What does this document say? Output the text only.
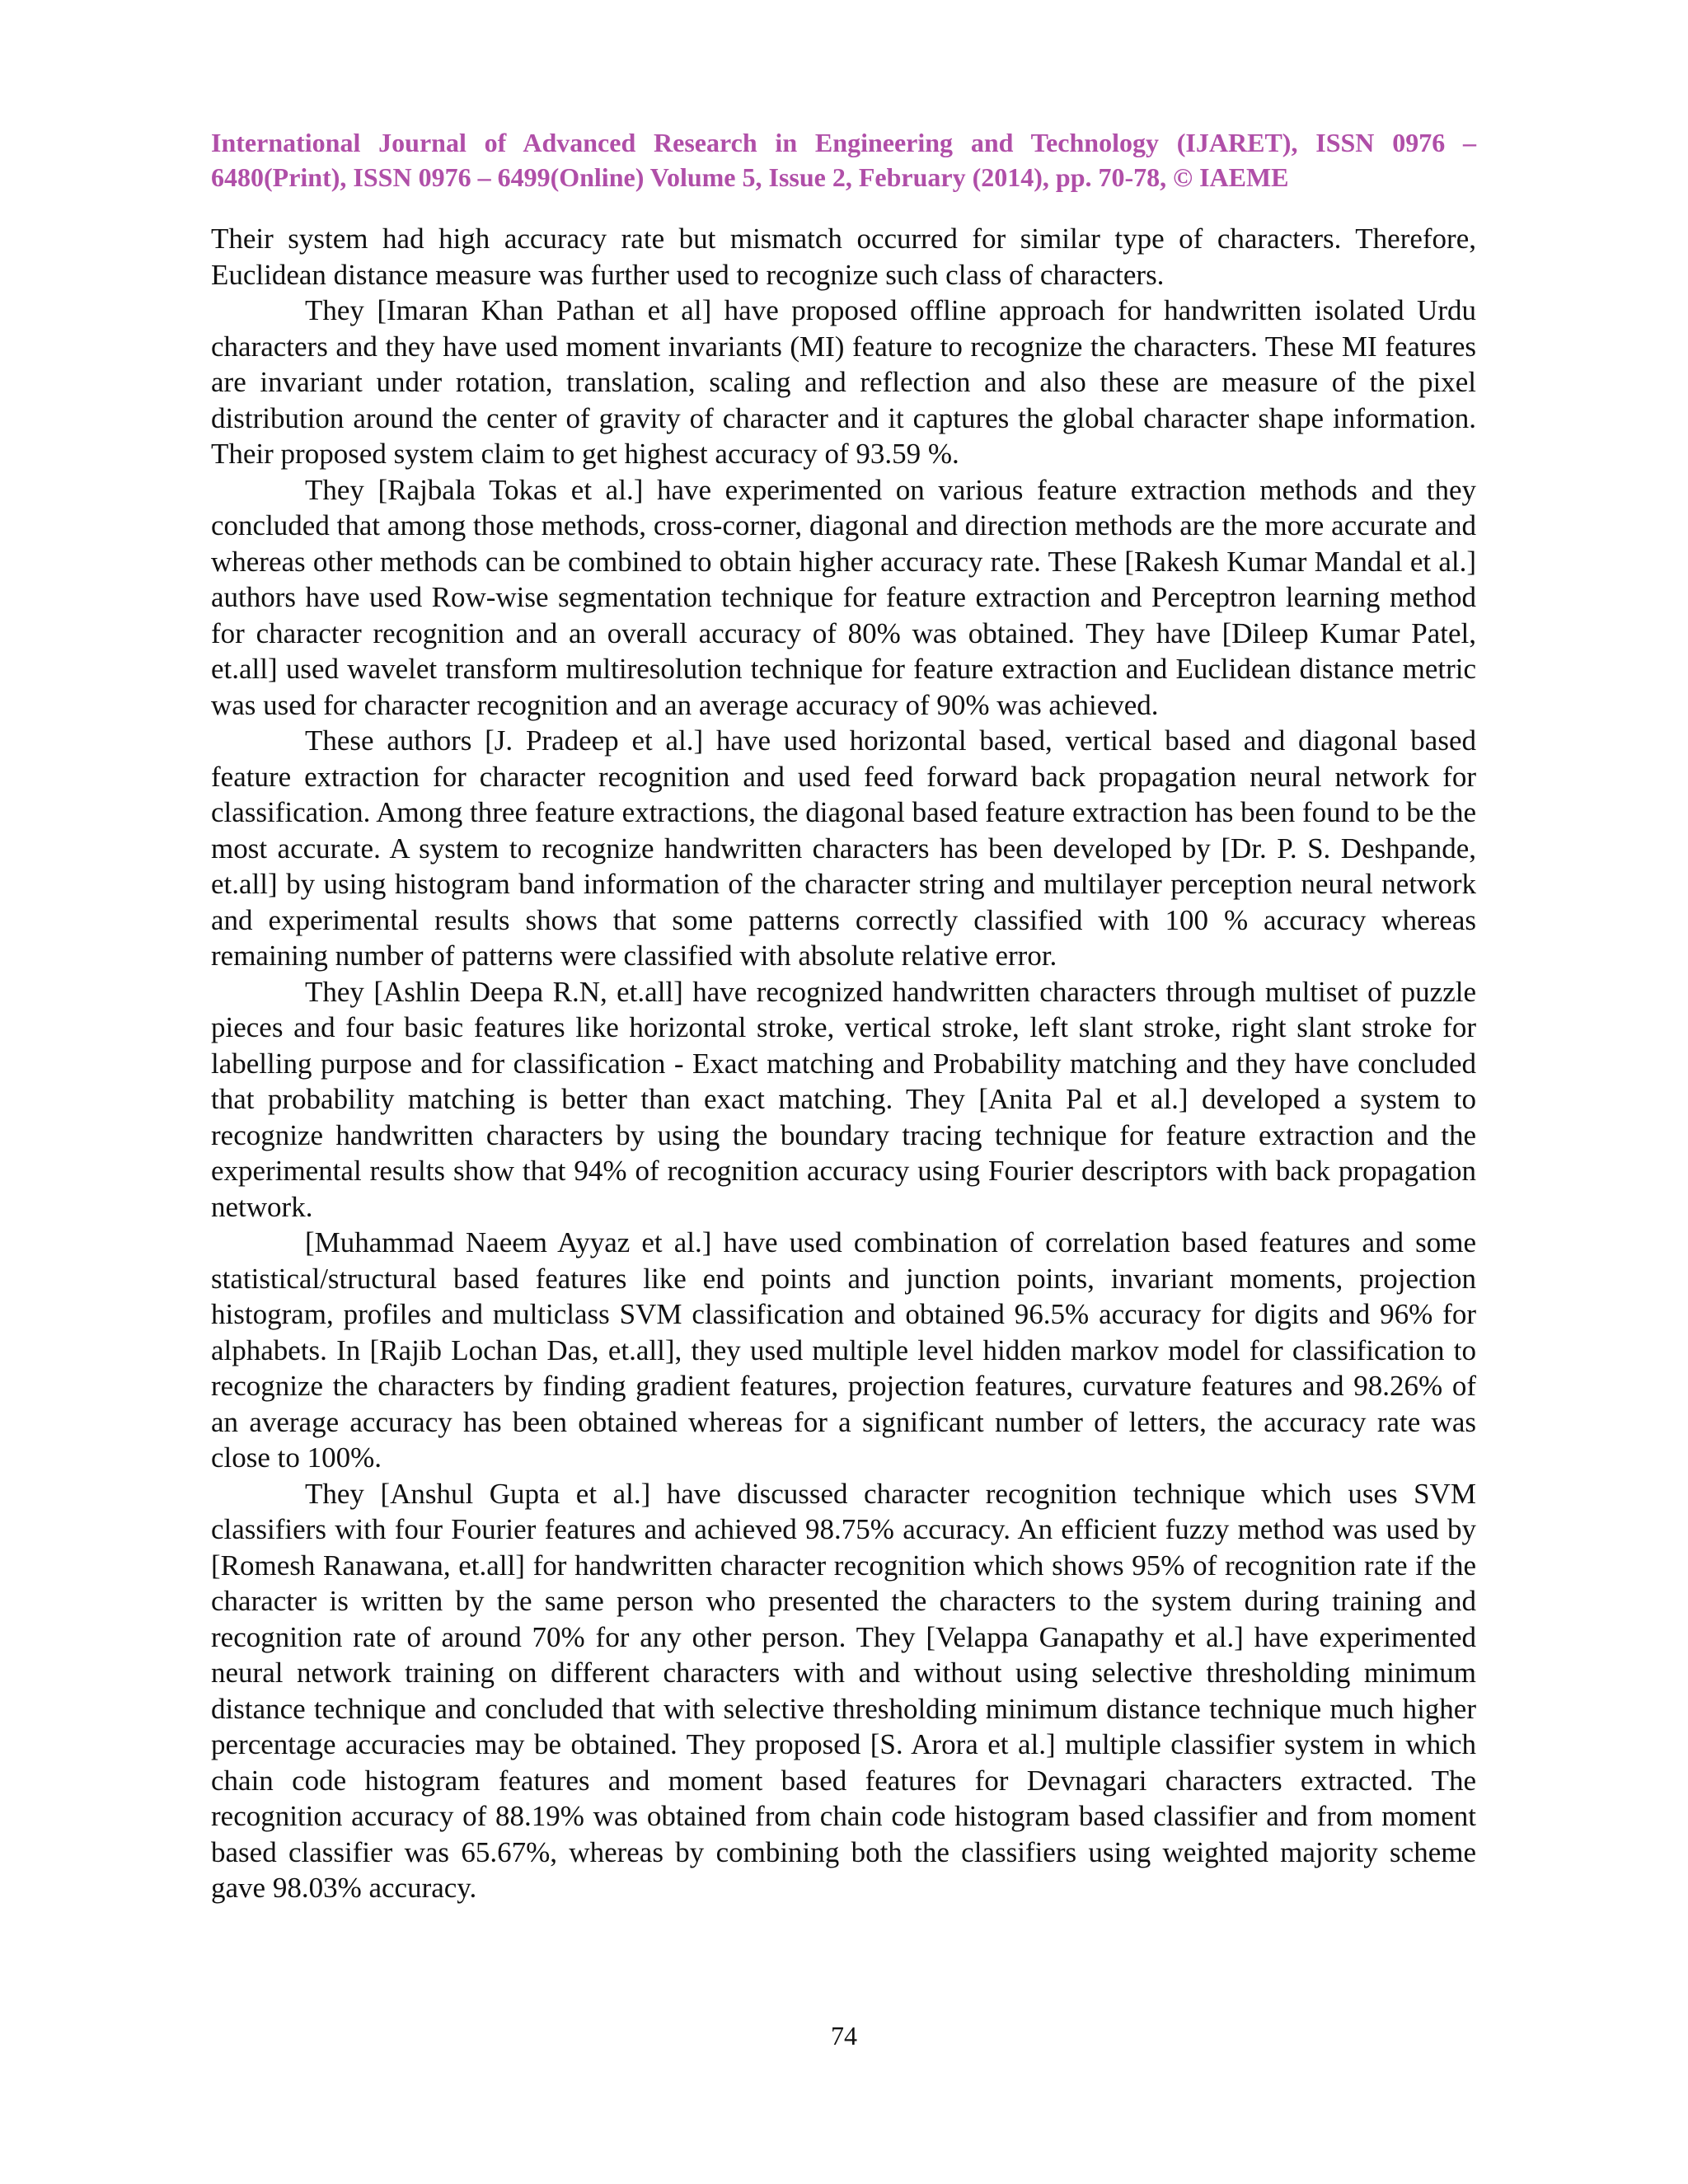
International Journal of Advanced Research in Engineering and Technology (IJARET), ISSN 0976 – 6480(Print), ISSN 0976 – 6499(Online) Volume 5, Issue 2, February (2014), pp. 70-78, © IAEME

Their system had high accuracy rate but mismatch occurred for similar type of characters. Therefore, Euclidean distance measure was further used to recognize such class of characters.

They [Imaran Khan Pathan et al] have proposed offline approach for handwritten isolated Urdu characters and they have used moment invariants (MI) feature to recognize the characters. These MI features are invariant under rotation, translation, scaling and reflection and also these are measure of the pixel distribution around the center of gravity of character and it captures the global character shape information. Their proposed system claim to get highest accuracy of 93.59 %.

They [Rajbala Tokas et al.] have experimented on various feature extraction methods and they concluded that among those methods, cross-corner, diagonal and direction methods are the more accurate and whereas other methods can be combined to obtain higher accuracy rate. These [Rakesh Kumar Mandal et al.] authors have used Row-wise segmentation technique for feature extraction and Perceptron learning method for character recognition and an overall accuracy of 80% was obtained. They have [Dileep Kumar Patel, et.all] used wavelet transform multiresolution technique for feature extraction and Euclidean distance metric was used for character recognition and an average accuracy of 90% was achieved.

These authors [J. Pradeep et al.] have used horizontal based, vertical based and diagonal based feature extraction for character recognition and used feed forward back propagation neural network for classification. Among three feature extractions, the diagonal based feature extraction has been found to be the most accurate. A system to recognize handwritten characters has been developed by [Dr. P. S. Deshpande, et.all] by using histogram band information of the character string and multilayer perception neural network and experimental results shows that some patterns correctly classified with 100 % accuracy whereas remaining number of patterns were classified with absolute relative error.

They [Ashlin Deepa R.N, et.all] have recognized handwritten characters through multiset of puzzle pieces and four basic features like horizontal stroke, vertical stroke, left slant stroke, right slant stroke for labelling purpose and for classification - Exact matching and Probability matching and they have concluded that probability matching is better than exact matching. They [Anita Pal et al.] developed a system to recognize handwritten characters by using the boundary tracing technique for feature extraction and the experimental results show that 94% of recognition accuracy using Fourier descriptors with back propagation network.

[Muhammad Naeem Ayyaz et al.] have used combination of correlation based features and some statistical/structural based features like end points and junction points, invariant moments, projection histogram, profiles and multiclass SVM classification and obtained 96.5% accuracy for digits and 96% for alphabets. In [Rajib Lochan Das, et.all], they used multiple level hidden markov model for classification to recognize the characters by finding gradient features, projection features, curvature features and 98.26% of an average accuracy has been obtained whereas for a significant number of letters, the accuracy rate was close to 100%.

They [Anshul Gupta et al.] have discussed character recognition technique which uses SVM classifiers with four Fourier features and achieved 98.75% accuracy. An efficient fuzzy method was used by [Romesh Ranawana, et.all] for handwritten character recognition which shows 95% of recognition rate if the character is written by the same person who presented the characters to the system during training and recognition rate of around 70% for any other person. They [Velappa Ganapathy et al.] have experimented neural network training on different characters with and without using selective thresholding minimum distance technique and concluded that with selective thresholding minimum distance technique much higher percentage accuracies may be obtained. They proposed [S. Arora et al.] multiple classifier system in which chain code histogram features and moment based features for Devnagari characters extracted. The recognition accuracy of 88.19% was obtained from chain code histogram based classifier and from moment based classifier was 65.67%, whereas by combining both the classifiers using weighted majority scheme gave 98.03% accuracy.

74
